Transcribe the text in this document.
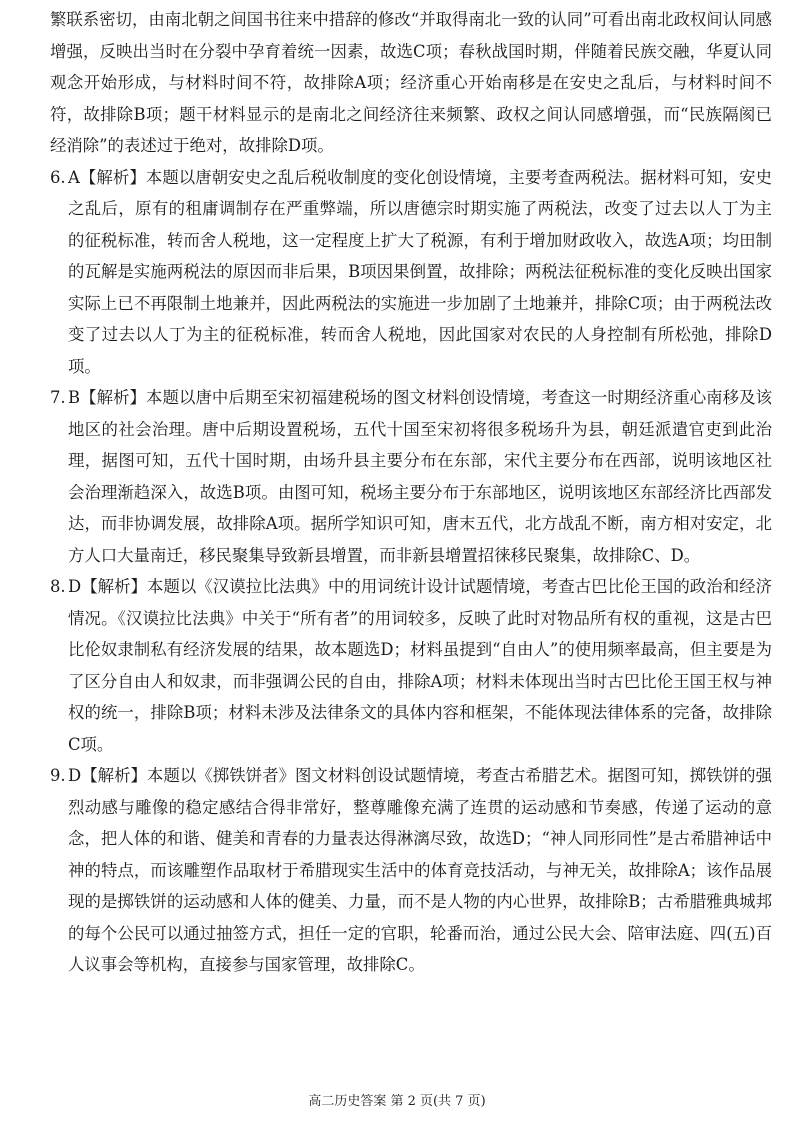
繁联系密切，由南北朝之间国书往来中措辞的修改“并取得南北一致的认同”可看出南北政权间认同感增强，反映出当时在分裂中孕育着统一因素，故选C项；春秋战国时期，伴随着民族交融，华夏认同观念开始形成，与材料时间不符，故排除A项；经济重心开始南移是在安史之乱后，与材料时间不符，故排除B项；题干材料显示的是南北之间经济往来频繁、政权之间认同感增强，而“民族隔阂已经消除”的表述过于绝对，故排除D项。

6. A【解析】本题以唐朝安史之乱后税收制度的变化创设情境，主要考查两税法。据材料可知，安史之乱后，原有的租庸调制存在严重弊端，所以唐德宗时期实施了两税法，改变了过去以人丁为主的征税标准，转而舍人税地，这一定程度上扩大了税源，有利于增加财政收入，故选A项；均田制的瓦解是实施两税法的原因而非后果，B项因果倒置，故排除；两税法征税标准的变化反映出国家实际上已不再限制土地兼并，因此两税法的实施进一步加剧了土地兼并，排除C项；由于两税法改变了过去以人丁为主的征税标准，转而舍人税地，因此国家对农民的人身控制有所松弛，排除D项。

7. B【解析】本题以唐中后期至宋初福建税场的图文材料创设情境，考查这一时期经济重心南移及该地区的社会治理。唐中后期设置税场，五代十国至宋初将很多税场升为县，朝廷派遣官吏到此治理，据图可知，五代十国时期，由场升县主要分布在东部，宋代主要分布在西部，说明该地区社会治理渐趋深入，故选B项。由图可知，税场主要分布于东部地区，说明该地区东部经济比西部发达，而非协调发展，故排除A项。据所学知识可知，唐末五代，北方战乱不断，南方相对安定，北方人口大量南迁，移民聚集导致新县增置，而非新县增置招徕移民聚集，故排除C、D。

8. D【解析】本题以《汉谟拉比法典》中的用词统计设计试题情境，考查古巴比伦王国的政治和经济情况。《汉谟拉比法典》中关于“所有者”的用词较多，反映了此时对物品所有权的重视，这是古巴比伦奴隶制私有经济发展的结果，故本题选D；材料虽提到“自由人”的使用频率最高，但主要是为了区分自由人和奴隶，而非强调公民的自由，排除A项；材料未体现出当时古巴比伦王国王权与神权的统一，排除B项；材料未涉及法律条文的具体内容和框架，不能体现法律体系的完备，故排除C项。

9. D【解析】本题以《掷铁饼者》图文材料创设试题情境，考查古希腊艺术。据图可知，掷铁饼的强烈动感与雕像的稳定感结合得非常好，整尊雕像充满了连贯的运动感和节奏感，传递了运动的意念，把人体的和谐、健美和青春的力量表达得淋漓尽致，故选D；“神人同形同性”是古希腊神话中神的特点，而该雕塑作品取材于希腊现实生活中的体育竞技活动，与神无关，故排除A；该作品展现的是掷铁饼的运动感和人体的健美、力量，而不是人物的内心世界，故排除B；古希腊雅典城邦的每个公民可以通过抽签方式，担任一定的官职，轮番而治，通过公民大会、陪审法庭、四(五)百人议事会等机构，直接参与国家管理，故排除C。

高二历史答案 第 2 页(共 7 页)
